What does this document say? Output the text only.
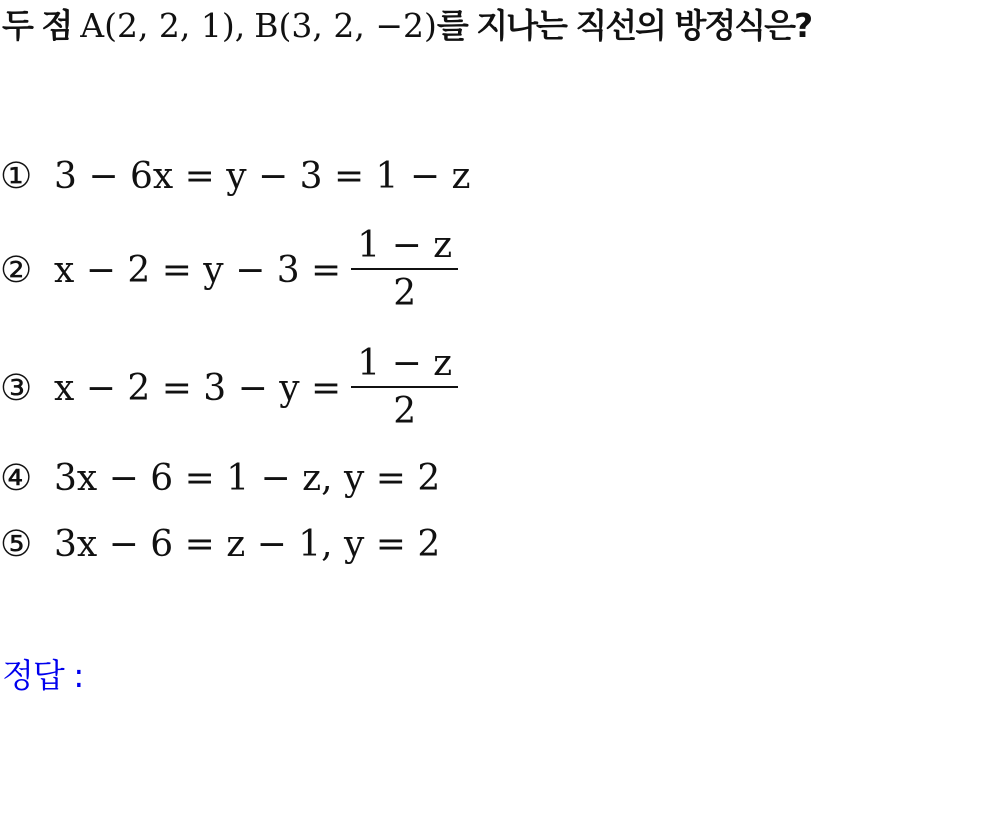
두 점 A(2, 2, 1), B(3, 2, −2)를 지나는 직선의 방정식은?
① 3 − 6x = y − 3 = 1 − z
② $x - 2 = y - 3 = \frac{1 - z}{2}$
③ $x - 2 = 3 - y = \frac{1 - z}{2}$
④ 3x − 6 = 1 − z, y = 2
⑤ 3x − 6 = z − 1, y = 2
정답 :
